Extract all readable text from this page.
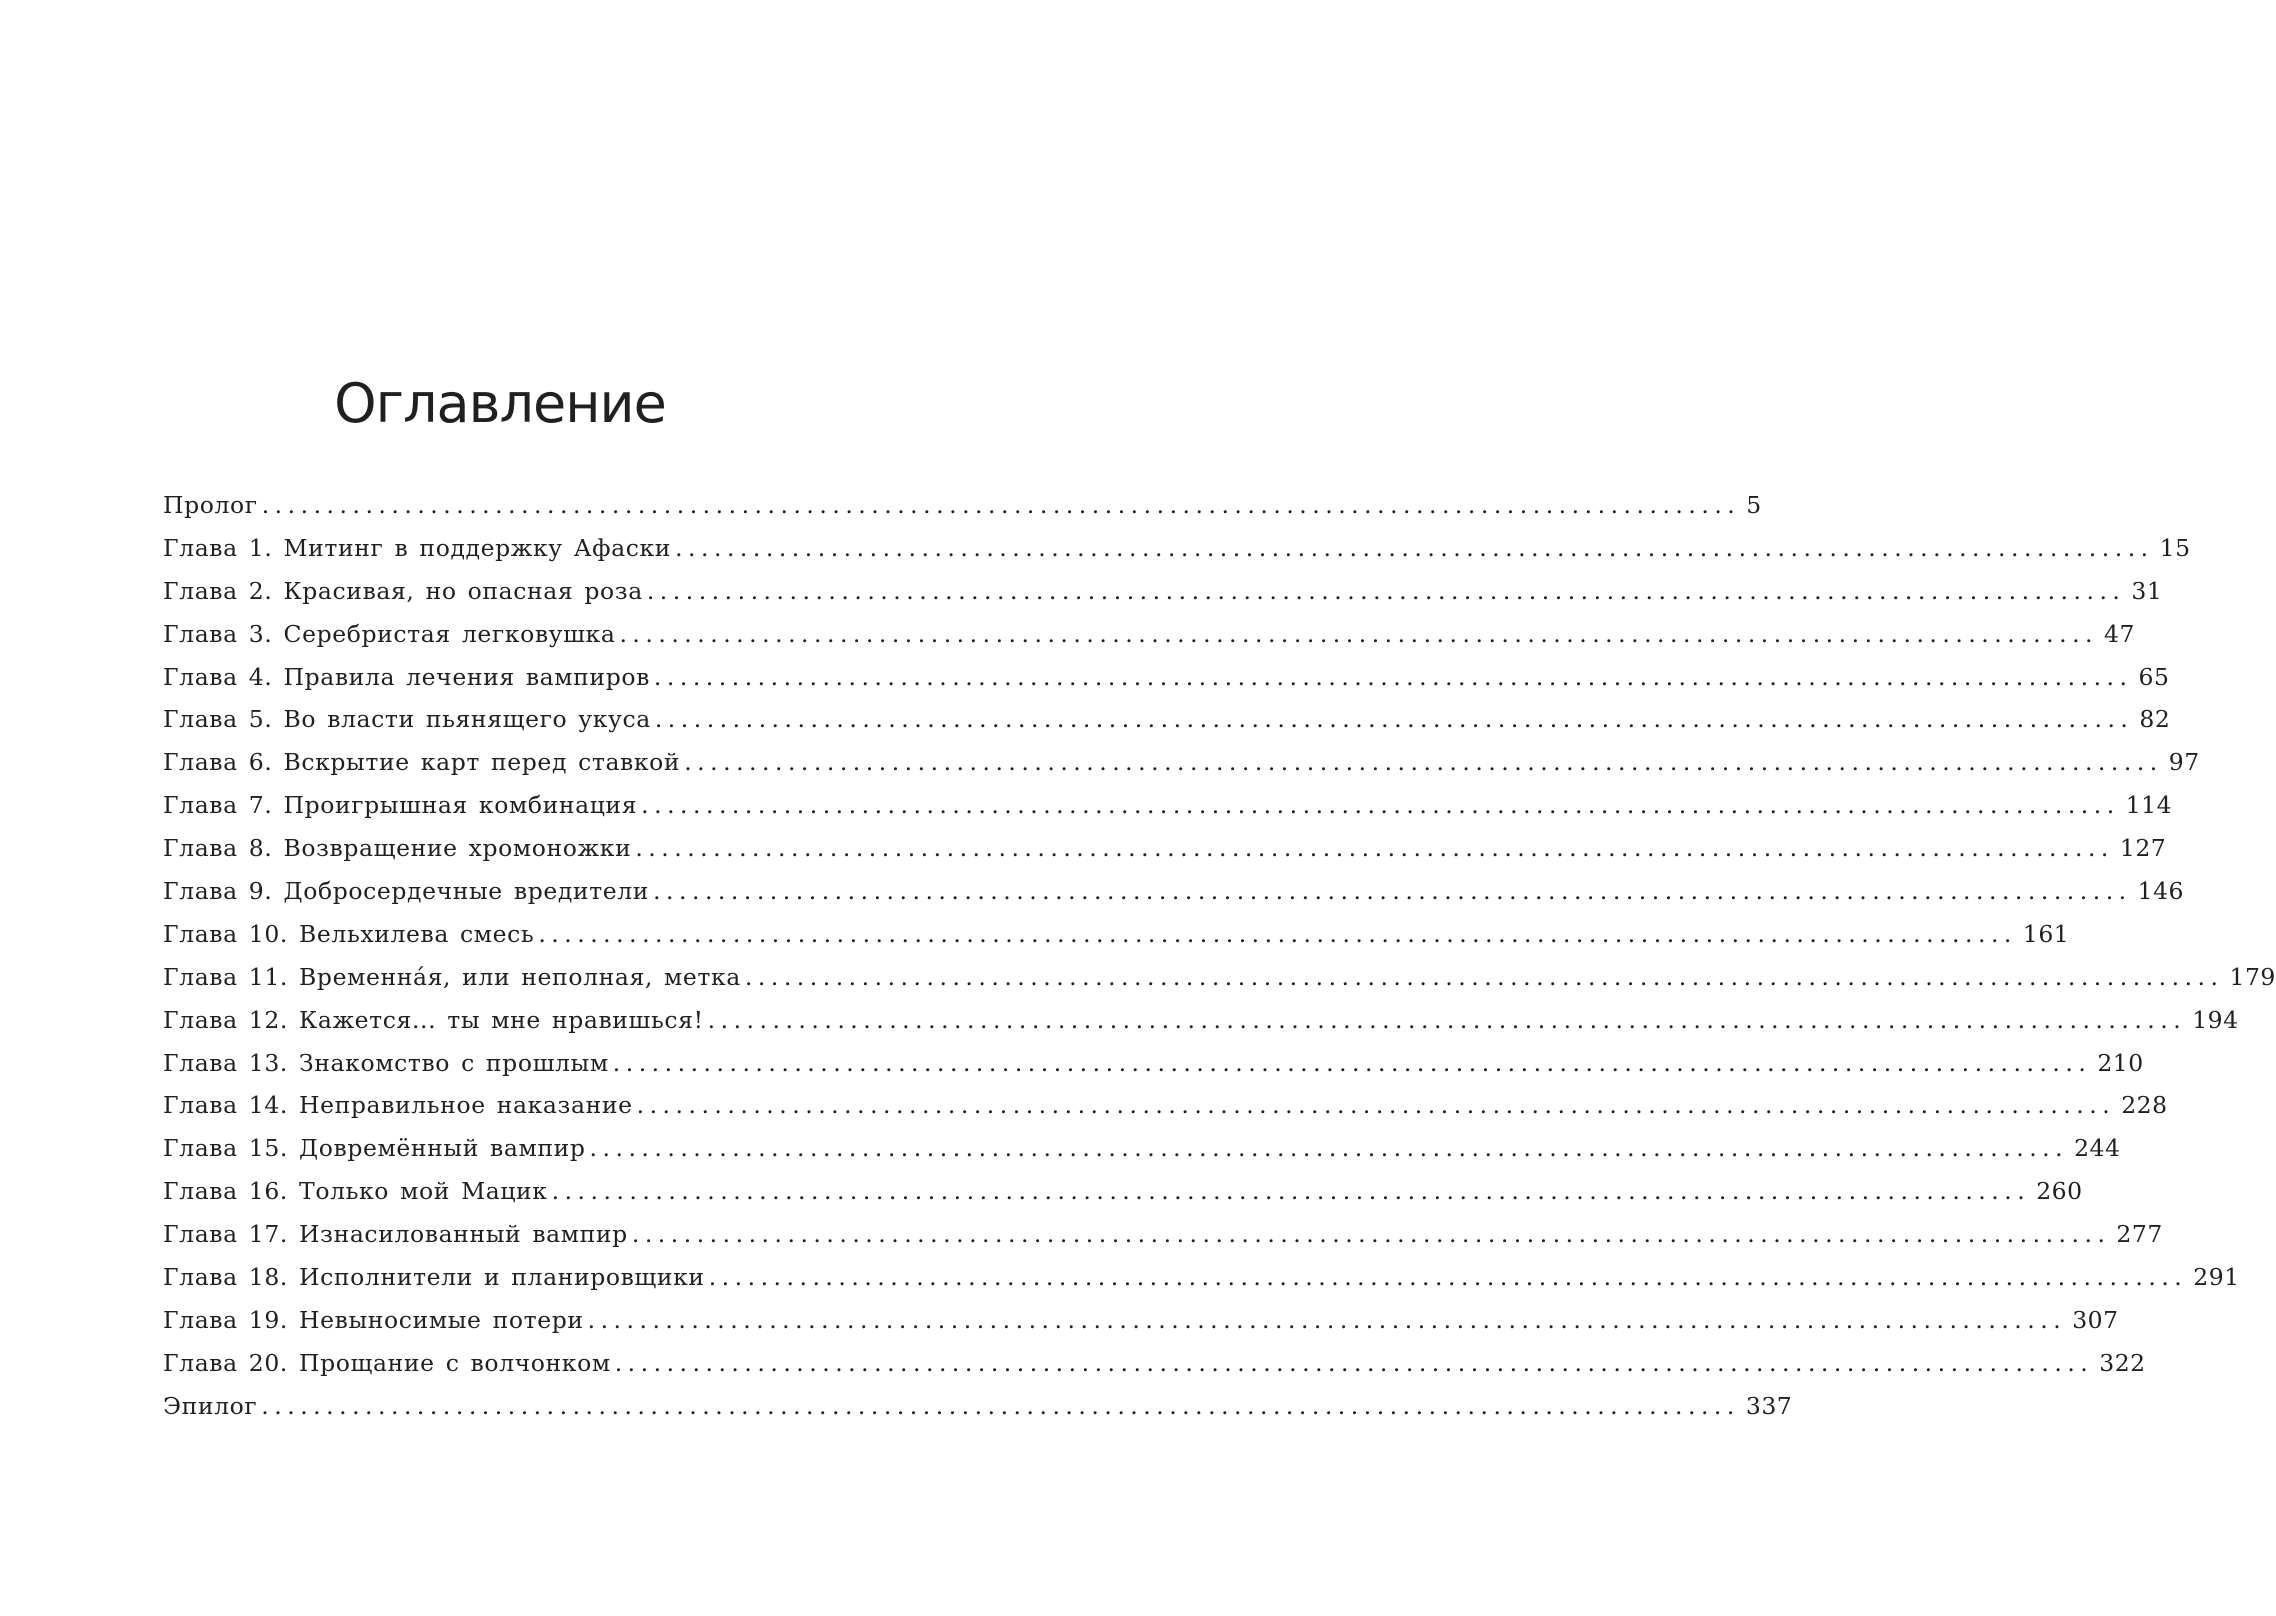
Оглавление
Пролог .................................................................................................................. 5
Глава 1. Митинг в поддержку Афаски .................................................................................................................. 15
Глава 2. Красивая, но опасная роза .................................................................................................................. 31
Глава 3. Серебристая легковушка .................................................................................................................. 47
Глава 4. Правила лечения вампиров .................................................................................................................. 65
Глава 5. Во власти пьянящего укуса .................................................................................................................. 82
Глава 6. Вскрытие карт перед ставкой .................................................................................................................. 97
Глава 7. Проигрышная комбинация .................................................................................................................. 114
Глава 8. Возвращение хромоножки .................................................................................................................. 127
Глава 9. Добросердечные вредители .................................................................................................................. 146
Глава 10. Вельхилева смесь .................................................................................................................. 161
Глава 11. Временна́я, или неполная, метка .................................................................................................................. 179
Глава 12. Кажется... ты мне нравишься! .................................................................................................................. 194
Глава 13. Знакомство с прошлым .................................................................................................................. 210
Глава 14. Неправильное наказание .................................................................................................................. 228
Глава 15. Довремённый вампир .................................................................................................................. 244
Глава 16. Только мой Мацик .................................................................................................................. 260
Глава 17. Изнасилованный вампир .................................................................................................................. 277
Глава 18. Исполнители и планировщики .................................................................................................................. 291
Глава 19. Невыносимые потери .................................................................................................................. 307
Глава 20. Прощание с волчонком .................................................................................................................. 322
Эпилог .................................................................................................................. 337
